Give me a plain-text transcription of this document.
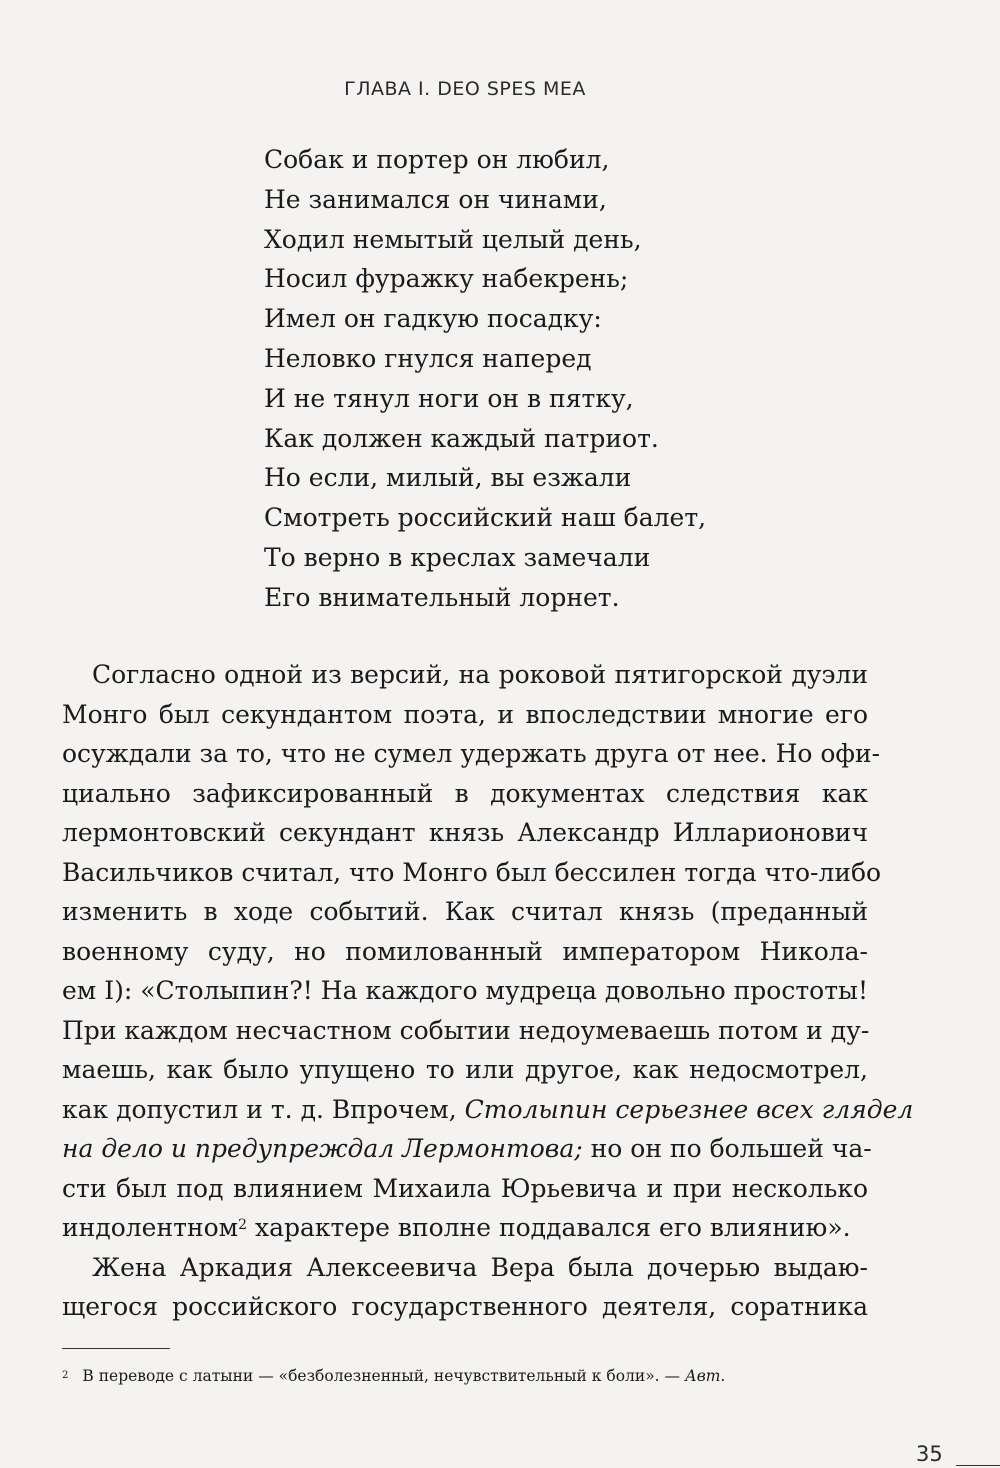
ГЛАВА I. DEO SPES MEA
Собак и портер он любил,
Не занимался он чинами,
Ходил немытый целый день,
Носил фуражку набекрень;
Имел он гадкую посадку:
Неловко гнулся наперед
И не тянул ноги он в пятку,
Как должен каждый патриот.
Но если, милый, вы езжали
Смотреть российский наш балет,
То верно в креслах замечали
Его внимательный лорнет.
Согласно одной из версий, на роковой пятигорской дуэли
Монго был секундантом поэта, и впоследствии многие его
осуждали за то, что не сумел удержать друга от нее. Но офи-
циально зафиксированный в документах следствия как
лермонтовский секундант князь Александр Илларионович
Васильчиков считал, что Монго был бессилен тогда что-либо
изменить в ходе событий. Как считал князь (преданный
военному суду, но помилованный императором Никола-
ем I): «Столыпин?! На каждого мудреца довольно простоты!
При каждом несчастном событии недоумеваешь потом и ду-
маешь, как было упущено то или другое, как недосмотрел,
как допустил и т. д. Впрочем, Столыпин серьезнее всех глядел
на дело и предупреждал Лермонтова; но он по большей ча-
сти был под влиянием Михаила Юрьевича и при несколько
индолентном$^2$ характере вполне поддавался его влиянию».
Жена Аркадия Алексеевича Вера была дочерью выдаю-
щегося российского государственного деятеля, соратника
$^2$ В переводе с латыни — «безболезненный, нечувствительный к боли». — Авт.
35
